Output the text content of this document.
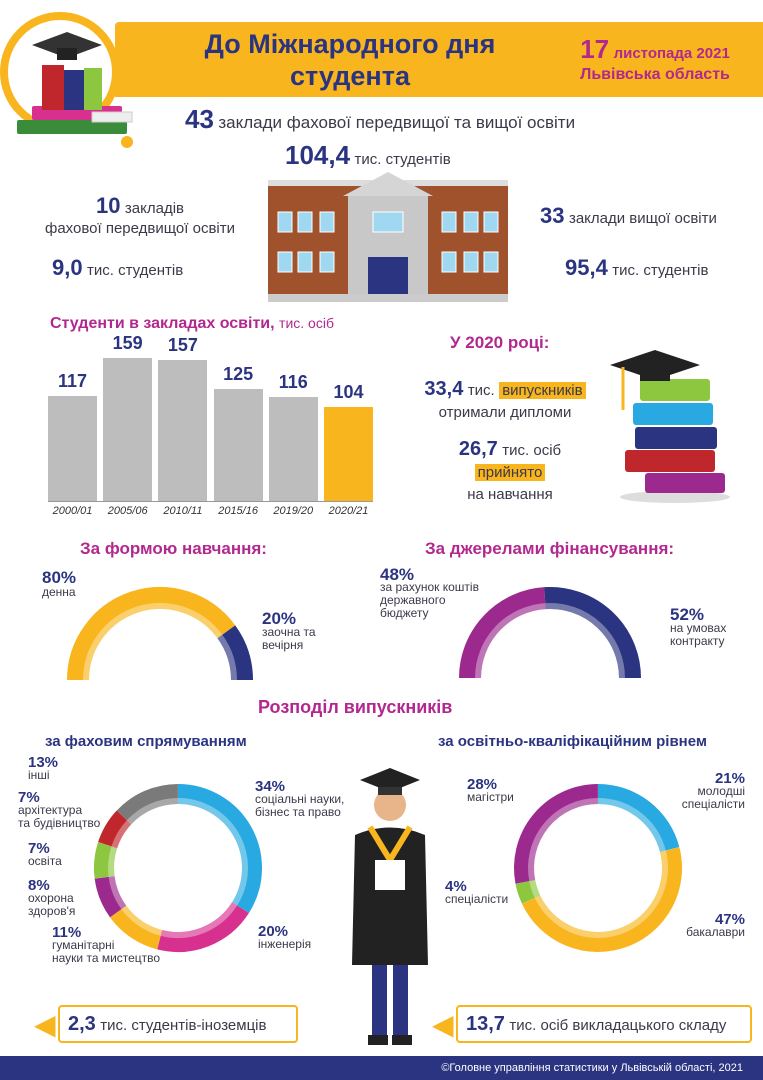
До Міжнародного дня
студента
17 листопада 2021
Львівська область
43 заклади фахової передвищої та вищої освіти
104,4 тис. студентів
10 закладів
фахової передвищої освіти
9,0 тис. студентів
33 заклади вищої освіти
95,4 тис. студентів
Студенти в закладах освіти, тис. осіб
117
159	157
125	116
104
2000/01	2005/06	2010/11	2015/16	2019/20	2020/21
У 2020 році:
33,4 тис. випускників
отримали дипломи
26,7 тис. осіб
прийнято
на навчання
За формою навчання:
80%
денна
20%
заочна та
вечірня
За джерелами фінансування:
48%
за рахунок коштів
державного
бюджету	52%
на умовах
контракту
Розподіл випускників
за фаховим спрямуванням	за освітньо-кваліфікаційним рівнем
13%
інші
7%
архітектура
та будівництво
7%
освіта
8%
охорона
здоров'я
11%
гуманітарні
науки та мистецтво
34%
соціальні науки,
бізнес та право
20%
інженерія
28%
магістри
4%
спеціалісти
21%
молодші
спеціалісти
47%
бакалаври
◀ 2,3 тис. студентів-іноземців	◀ 13,7 тис. осіб викладацького складу
©Головне управління статистики у Львівській області, 2021
